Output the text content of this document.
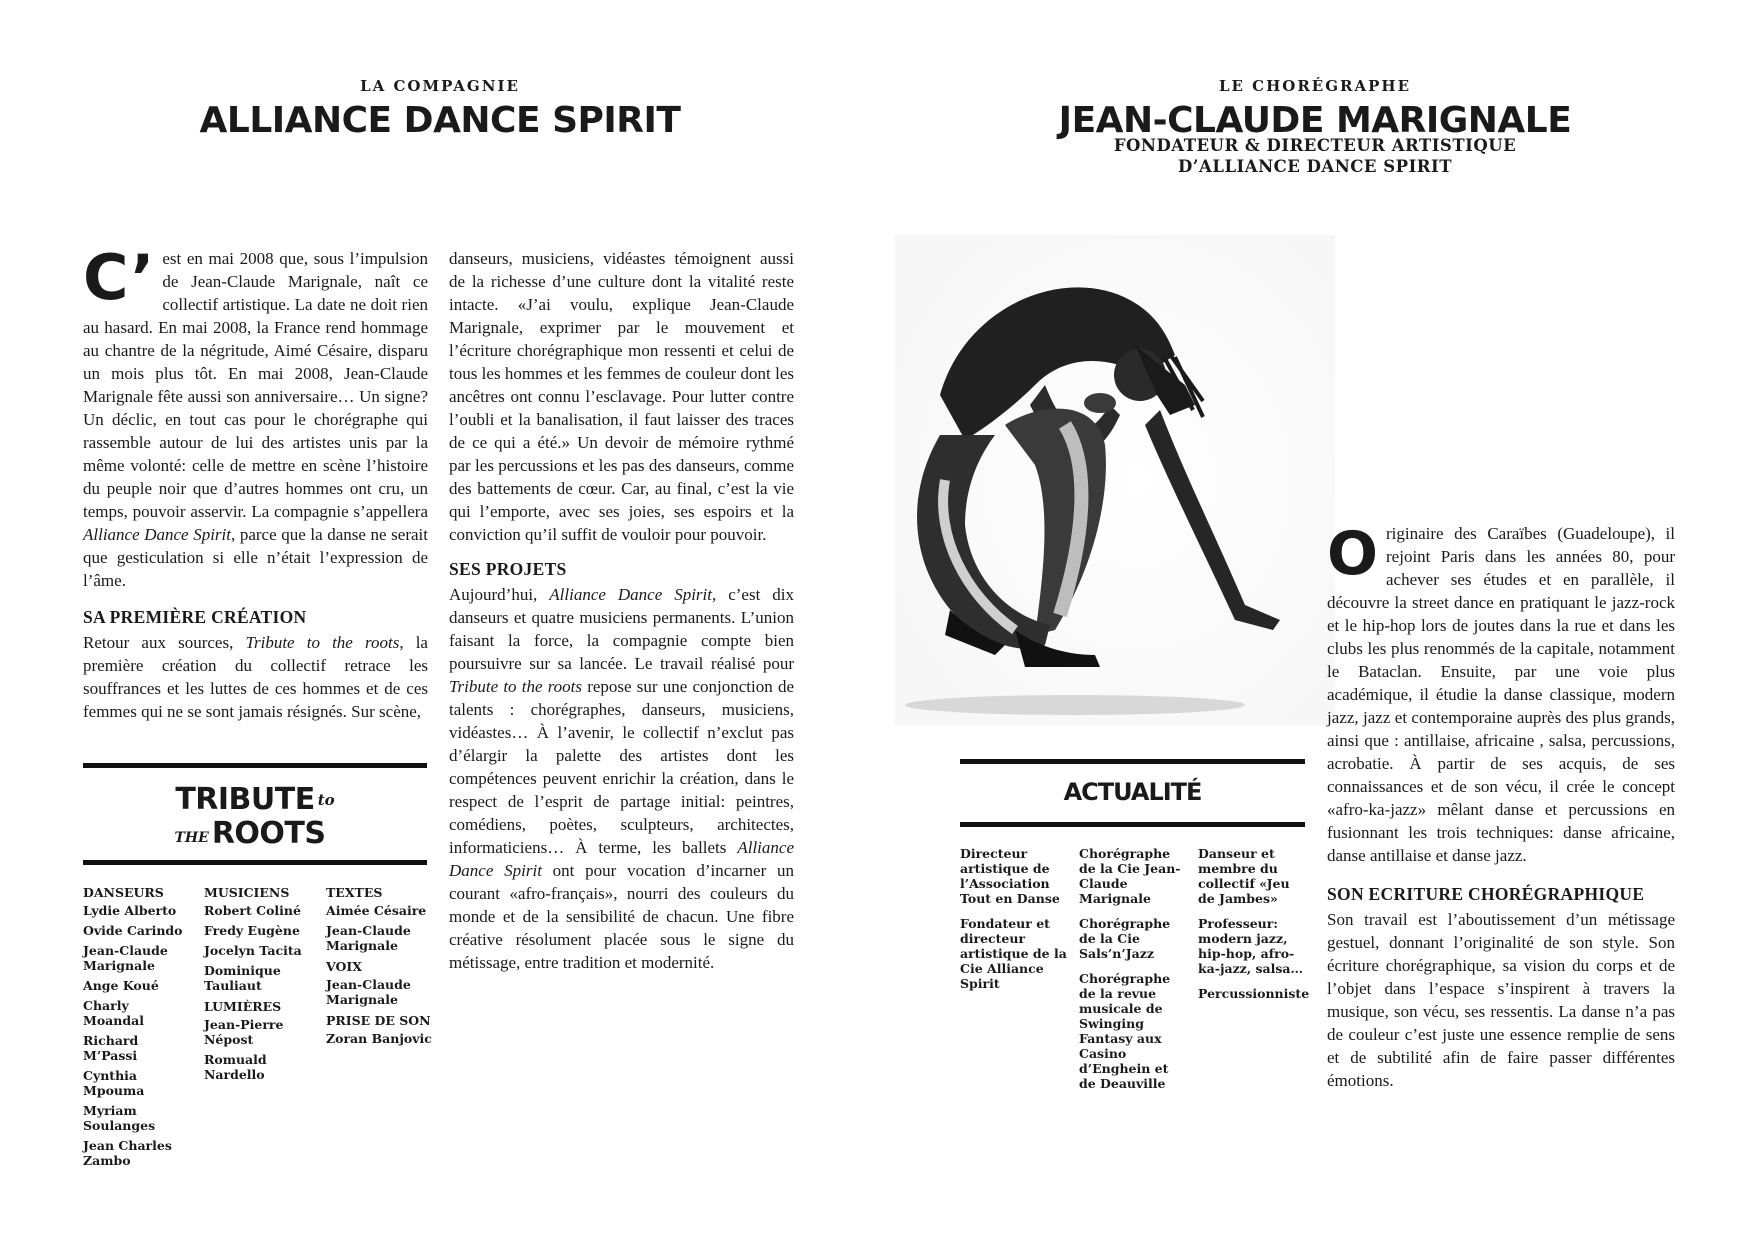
LA COMPAGNIE
ALLIANCE DANCE SPIRIT
C’ est en mai 2008 que, sous l’impulsion de Jean-Claude Marignale, naît ce collectif artistique. La date ne doit rien au hasard. En mai 2008, la France rend hommage au chantre de la négritude, Aimé Césaire, disparu un mois plus tôt. En mai 2008, Jean-Claude Marignale fête aussi son anniversaire… Un signe? Un déclic, en tout cas pour le chorégraphe qui rassemble autour de lui des artistes unis par la même volonté: celle de mettre en scène l’histoire du peuple noir que d’autres hommes ont cru, un temps, pouvoir asservir. La compagnie s’appellera Alliance Dance Spirit, parce que la danse ne serait que gesticulation si elle n’était l’expression de l’âme.

SA PREMIÈRE CRÉATION

Retour aux sources, Tribute to the roots, la première création du collectif retrace les souffrances et les luttes de ces hommes et de ces femmes qui ne se sont jamais résignés. Sur scène,

danseurs, musiciens, vidéastes témoignent aussi de la richesse d’une culture dont la vitalité reste intacte. «J’ai voulu, explique Jean-Claude Marignale, exprimer par le mouvement et l’écriture chorégraphique mon ressenti et celui de tous les hommes et les femmes de couleur dont les ancêtres ont connu l’esclavage. Pour lutter contre l’oubli et la banalisation, il faut laisser des traces de ce qui a été.» Un devoir de mémoire rythmé par les percussions et les pas des danseurs, comme des battements de cœur. Car, au final, c’est la vie qui l’emporte, avec ses joies, ses espoirs et la conviction qu’il suffit de vouloir pour pouvoir.

SES PROJETS

Aujourd’hui, Alliance Dance Spirit, c’est dix danseurs et quatre musiciens permanents. L’union faisant la force, la compagnie compte bien poursuivre sur sa lancée. Le travail réalisé pour Tribute to the roots repose sur une conjonction de talents : chorégraphes, danseurs, musiciens, vidéastes… À l’avenir, le collectif n’exclut pas d’élargir la palette des artistes dont les compétences peuvent enrichir la création, dans le respect de l’esprit de partage initial: peintres, comédiens, poètes, sculpteurs, architectes, informaticiens… À terme, les ballets Alliance Dance Spirit ont pour vocation d’incarner un courant «afro-français», nourri des couleurs du monde et de la sensibilité de chacun. Une fibre créative résolument placée sous le signe du métissage, entre tradition et modernité.

TRIBUTE to
THE ROOTS
DANSEURS
Lydie Alberto
Ovide Carindo
Jean-Claude Marignale
Ange Koué
Charly Moandal
Richard M’Passi
Cynthia Mpouma
Myriam Soulanges
Jean Charles Zambo
MUSICIENS
Robert Coliné
Fredy Eugène
Jocelyn Tacita
Dominique Tauliaut
LUMIÈRES
Jean-Pierre Népost
Romuald Nardello
TEXTES
Aimée Césaire
Jean-Claude Marignale
VOIX
Jean-Claude Marignale
PRISE DE SON
Zoran Banjovic
LE CHORÉGRAPHE
JEAN-CLAUDE MARIGNALE
FONDATEUR & DIRECTEUR ARTISTIQUE
D’ALLIANCE DANCE SPIRIT
ACTUALITÉ
Directeur artistique de l’Association Tout en Danse
Fondateur et directeur artistique de la Cie Alliance Spirit
Chorégraphe de la Cie Jean-Claude Marignale
Chorégraphe de la Cie Sals’n’Jazz
Chorégraphe de la revue musicale de Swinging Fantasy aux Casino d’Enghein et de Deauville
Danseur et membre du collectif «Jeu de Jambes»
Professeur: modern jazz, hip-hop, afro-ka-jazz, salsa…
Percussionniste
O riginaire des Caraïbes (Guadeloupe), il rejoint Paris dans les années 80, pour achever ses études et en parallèle, il découvre la street dance en pratiquant le jazz-rock et le hip-hop lors de joutes dans la rue et dans les clubs les plus renommés de la capitale, notamment le Bataclan. Ensuite, par une voie plus académique, il étudie la danse classique, modern jazz, jazz et contemporaine auprès des plus grands, ainsi que : antillaise, africaine , salsa, percussions, acrobatie. À partir de ses acquis, de ses connaissances et de son vécu, il crée le concept «afro-ka-jazz» mêlant danse et percussions en fusionnant les trois techniques: danse africaine, danse antillaise et danse jazz.

SON ECRITURE CHORÉGRAPHIQUE

Son travail est l’aboutissement d’un métissage gestuel, donnant l’originalité de son style. Son écriture chorégraphique, sa vision du corps et de l’objet dans l’espace s’inspirent à travers la musique, son vécu, ses ressentis. La danse n’a pas de couleur c’est juste une essence remplie de sens et de subtilité afin de faire passer différentes émotions.
